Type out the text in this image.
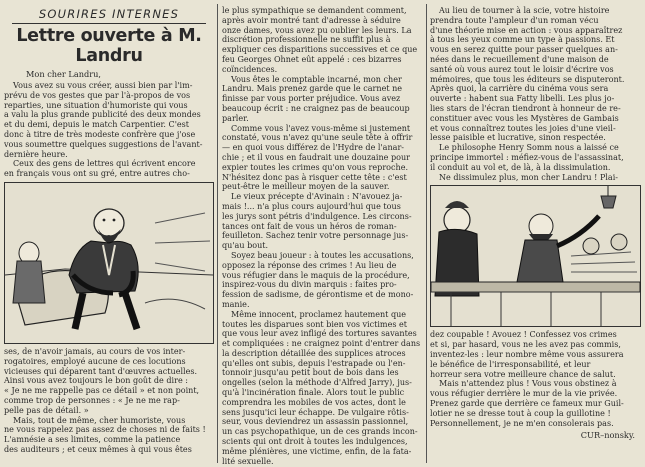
SOURIRES INTERNES
Lettre ouverte à M. Landru
Mon cher Landru,

Vous avez su vous créer, aussi bien par l'im-
prévu de vos gestes que par l'à-propos de vos
reparties, une situation d'humoriste qui vous
a valu la plus grande publicité des deux mondes
et du demi, depuis le match Carpentier. C'est
donc à titre de très modeste confrère que j'ose
vous soumettre quelques suggestions de l'avant-
dernière heure.

Ceux des gens de lettres qui écrivent encore
en français vous ont su gré, entre autres cho-

ses, de n'avoir jamais, au cours de vos inter-
rogatoires, employé aucune de ces locutions
vicieuses qui déparent tant d'œuvres actuelles.
Ainsi vous avez toujours le bon goût de dire :
« Je ne me rappelle pas ce détail » et non point,
comme trop de personnes : « Je ne me rap-
pelle pas de détail. »

Mais, tout de même, cher humoriste, vous
ne vous rappelez pas assez de choses ni de faits !
L'amnésie a ses limites, comme la patience
des auditeurs ; et ceux mêmes à qui vous êtes

le plus sympathique se demandent comment,
après avoir montré tant d'adresse à séduire
onze dames, vous avez pu oublier les leurs. La
discrétion professionnelle ne suffit plus à
expliquer ces disparitions successives et ce que
feu Georges Ohnet eût appelé : ces bizarres
coïncidences.

Vous êtes le comptable incarné, mon cher
Landru. Mais prenez garde que le carnet ne
finisse par vous porter préjudice. Vous avez
beaucoup écrit : ne craignez pas de beaucoup
parler.

Comme vous l'avez vous-même si justement
constaté, vous n'avez qu'une seule tête à offrir
— en quoi vous différez de l'Hydre de l'anar-
chie ; et il vous en faudrait une douzaine pour
expier toutes les crimes qu'on vous reproche.
N'hésitez donc pas à risquer cette tête : c'est
peut-être le meilleur moyen de la sauver.

Le vieux précepte d'Avinain : N'avouez ja-
mais !... n'a plus cours aujourd'hui que tous
les jurys sont pétris d'indulgence. Les circons-
tances ont fait de vous un héros de roman-
feuilleton. Sachez tenir votre personnage jus-
qu'au bout.

Soyez beau joueur : à toutes les accusations,
opposez la réponse des crimes ! Au lieu de
vous réfugier dans le maquis de la procédure,
inspirez-vous du divin marquis : faites pro-
fession de sadisme, de gérontisme et de mono-
manie.

Même innocent, proclamez hautement que
toutes les disparues sont bien vos victimes et
que vous leur avez infligé des tortures savantes
et compliquées : ne craignez point d'entrer dans
la description détaillée des supplices atroces
qu'elles ont subis, depuis l'estrapade ou l'en-
tonnoir jusqu'au petit bout de bois dans les
ongelles (selon la méthode d'Alfred Jarry), jus-
qu'à l'incinération finale. Alors tout le public
comprendra les mobiles de vos actes, dont le
sens jusqu'ici leur échappe. De vulgaire rôtis-
seur, vous deviendrez un assassin passionnel,
un cas psychopathique, un de ces grands incon-
scients qui ont droit à toutes les indulgences,
même plénières, une victime, enfin, de la fata-
lité sexuelle.

Au lieu de tourner à la scie, votre histoire
prendra toute l'ampleur d'un roman vécu
d'une théorie mise en action : vous apparaîtrez
à tous les yeux comme un type à passions. Et
vous en serez quitte pour passer quelques an-
nées dans le recueillement d'une maison de
santé où vous aurez tout le loisir d'écrire vos
mémoires, que tous les éditeurs se disputeront.
Après quoi, la carrière du cinéma vous sera
ouverte : habent sua Fatty libelli. Les plus jo-
lies stars de l'écran tiendront à honneur de re-
constituer avec vous les Mystères de Gambais
et vous connaîtrez toutes les joies d'une vieil-
lesse paisible et lucrative, sinon respectée.

Le philosophe Henry Somm nous a laissé ce
principe immortel : méfiez-vous de l'assassinat,
il conduit au vol et, de là, à la dissimulation.

Ne dissimulez plus, mon cher Landru ! Plai-

dez coupable ! Avouez ! Confessez vos crimes
et si, par hasard, vous ne les avez pas commis,
inventez-les : leur nombre même vous assurera
le bénéfice de l'irresponsabilité, et leur
horreur sera votre meilleure chance de salut.

Mais n'attendez plus ! Vous vous obstinez à
vous réfugier derrière le mur de la vie privée.
Prenez garde que derrière ce fameux mur Guil-
lotier ne se dresse tout à coup la guillotine !
Personnellement, je ne m'en consolerais pas.

CUR–nonsky.
